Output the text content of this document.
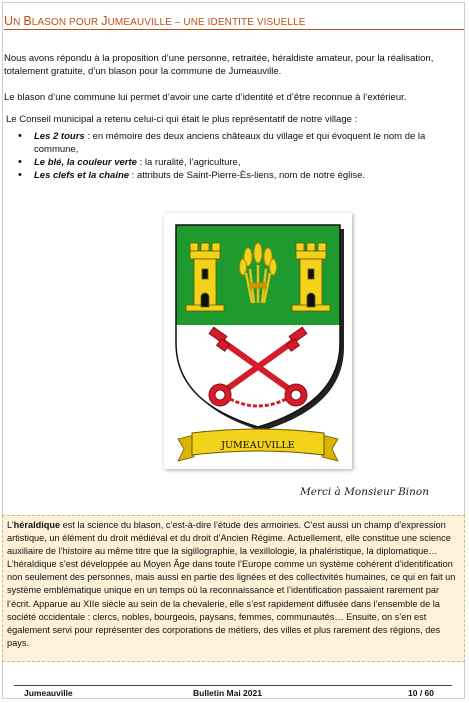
UN BLASON POUR JUMEAUVILLE – UNE IDENTITE VISUELLE

Nous avons répondu à la proposition d’une personne, retraitée, héraldiste amateur, pour la réalisation, totalement gratuite, d’un blason pour la commune de Jumeauville.

Le blason d’une commune lui permet d’avoir une carte d’identité et d’être reconnue à l’extérieur.

Le Conseil municipal a retenu celui-ci qui était le plus représentatif de notre village :

• Les 2 tours : en mémoire des deux anciens châteaux du village et qui évoquent le nom de la commune,
• Le blé, la couleur verte : la ruralité, l’agriculture,
• Les clefs et la chaine : attributs de Saint-Pierre-Ès-liens, nom de notre église.
JUMEAUVILLE
Merci à Monsieur Binon
L’héraldique est la science du blason, c’est-à-dire l’étude des armoiries. C’est aussi un champ d’expression artistique, un élément du droit médiéval et du droit d’Ancien Régime. Actuellement, elle constitue une science auxiliaire de l’histoire au même titre que la sigillographie, la vexillologie, la phaléristique, la diplomatique… L’héraldique s’est développée au Moyen Âge dans toute l’Europe comme un système cohérent d’identification non seulement des personnes, mais aussi en partie des lignées et des collectivités humaines, ce qui en fait un système emblématique unique en un temps où la reconnaissance et l’identification passaient rarement par l’écrit. Apparue au XIIe siècle au sein de la chevalerie, elle s’est rapidement diffusée dans l’ensemble de la société occidentale : clercs, nobles, bourgeois, paysans, femmes, communautés… Ensuite, on s’en est également servi pour représenter des corporations de métiers, des villes et plus rarement des régions, des pays.
Jumeauville	Bulletin Mai 2021	10 / 60
